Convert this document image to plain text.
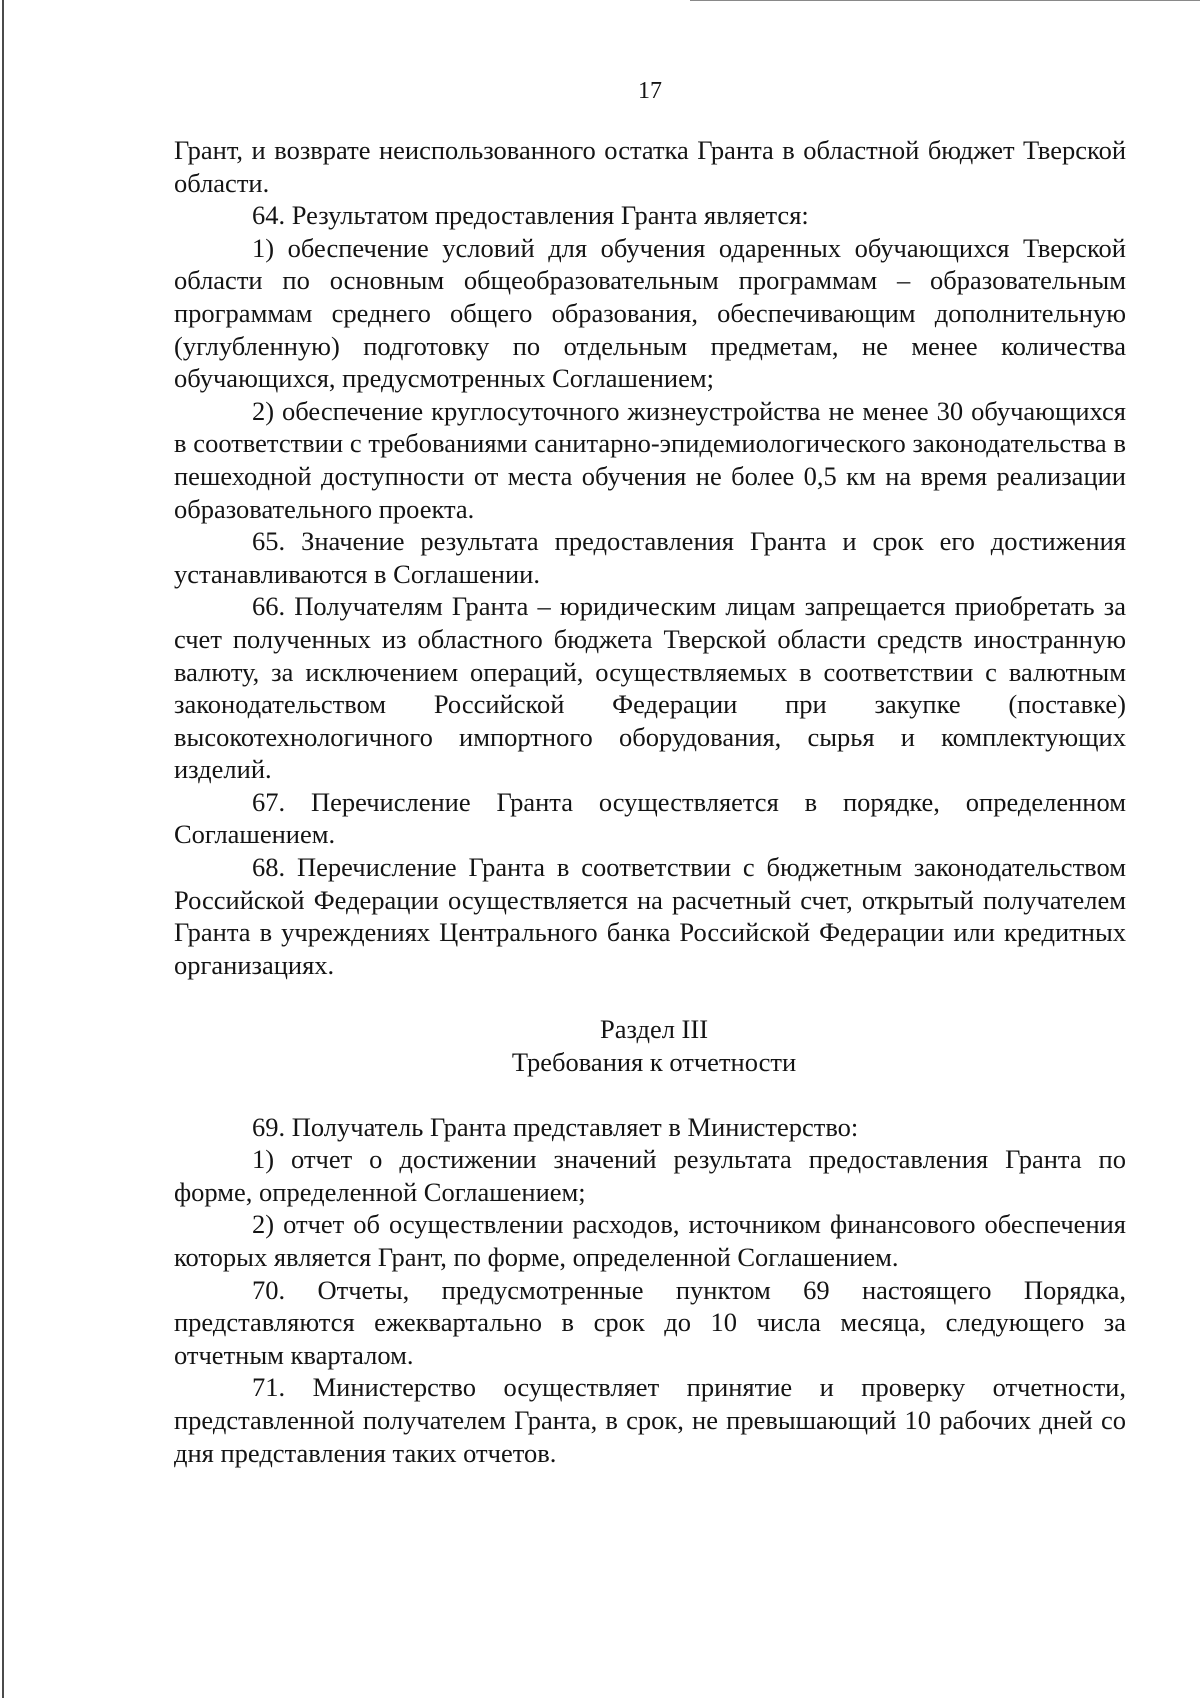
17

Грант, и возврате неиспользованного остатка Гранта в областной бюджет Тверской области.

64. Результатом предоставления Гранта является:

1) обеспечение условий для обучения одаренных обучающихся Тверской области по основным общеобразовательным программам – образовательным программам среднего общего образования, обеспечивающим дополнительную (углубленную) подготовку по отдельным предметам, не менее количества обучающихся, предусмотренных Соглашением;

2) обеспечение круглосуточного жизнеустройства не менее 30 обучающихся в соответствии с требованиями санитарно-эпидемиологического законодательства в пешеходной доступности от места обучения не более 0,5 км на время реализации образовательного проекта.

65. Значение результата предоставления Гранта и срок его достижения устанавливаются в Соглашении.

66. Получателям Гранта – юридическим лицам запрещается приобретать за счет полученных из областного бюджета Тверской области средств иностранную валюту, за исключением операций, осуществляемых в соответствии с валютным законодательством Российской Федерации при закупке (поставке) высокотехнологичного импортного оборудования, сырья и комплектующих изделий.

67. Перечисление Гранта осуществляется в порядке, определенном Соглашением.

68. Перечисление Гранта в соответствии с бюджетным законодательством Российской Федерации осуществляется на расчетный счет, открытый получателем Гранта в учреждениях Центрального банка Российской Федерации или кредитных организациях.

Раздел III

Требования к отчетности

69. Получатель Гранта представляет в Министерство:

1) отчет о достижении значений результата предоставления Гранта по форме, определенной Соглашением;

2) отчет об осуществлении расходов, источником финансового обеспечения которых является Грант, по форме, определенной Соглашением.

70. Отчеты, предусмотренные пунктом 69 настоящего Порядка, представляются ежеквартально в срок до 10 числа месяца, следующего за отчетным кварталом.

71. Министерство осуществляет принятие и проверку отчетности, представленной получателем Гранта, в срок, не превышающий 10 рабочих дней со дня представления таких отчетов.
